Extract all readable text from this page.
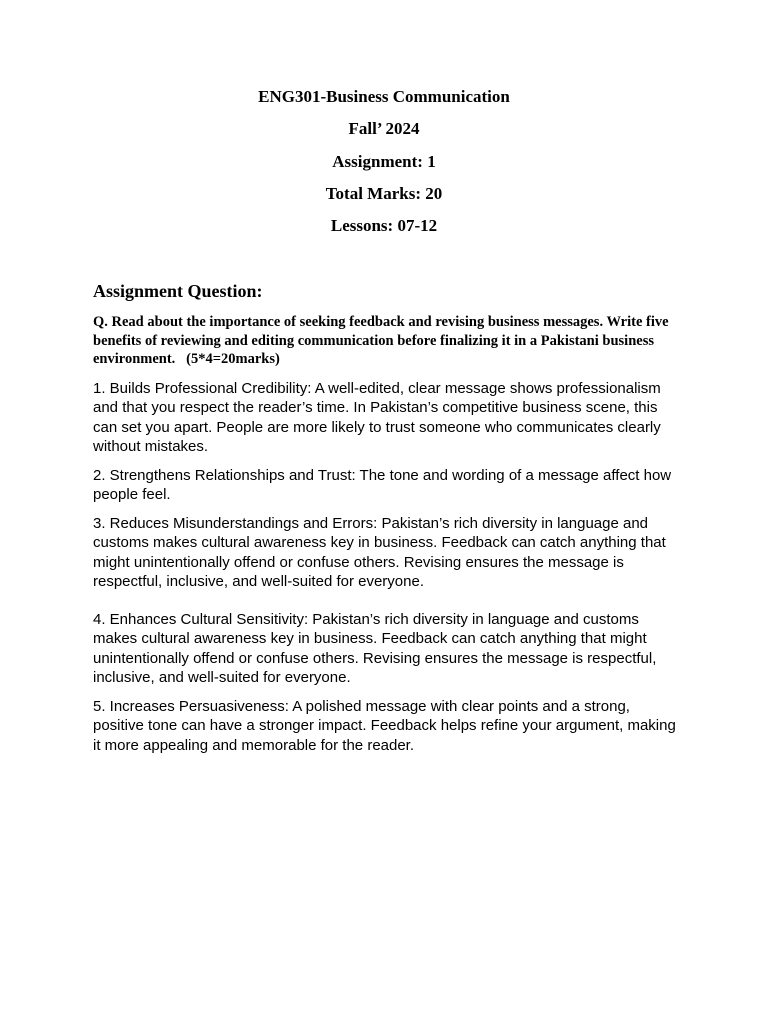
ENG301-Business Communication
Fall’ 2024
Assignment: 1
Total Marks: 20
Lessons: 07-12
Assignment Question:
Q. Read about the importance of seeking feedback and revising business messages. Write five benefits of reviewing and editing communication before finalizing it in a Pakistani business environment.   (5*4=20marks)
1. Builds Professional Credibility: A well-edited, clear message shows professionalism and that you respect the reader’s time. In Pakistan’s competitive business scene, this can set you apart. People are more likely to trust someone who communicates clearly without mistakes.
2. Strengthens Relationships and Trust: The tone and wording of a message affect how people feel.
3. Reduces Misunderstandings and Errors: Pakistan’s rich diversity in language and customs makes cultural awareness key in business. Feedback can catch anything that might unintentionally offend or confuse others. Revising ensures the message is respectful, inclusive, and well-suited for everyone.
4. Enhances Cultural Sensitivity: Pakistan’s rich diversity in language and customs makes cultural awareness key in business. Feedback can catch anything that might unintentionally offend or confuse others. Revising ensures the message is respectful, inclusive, and well-suited for everyone.
5. Increases Persuasiveness: A polished message with clear points and a strong, positive tone can have a stronger impact. Feedback helps refine your argument, making it more appealing and memorable for the reader.
